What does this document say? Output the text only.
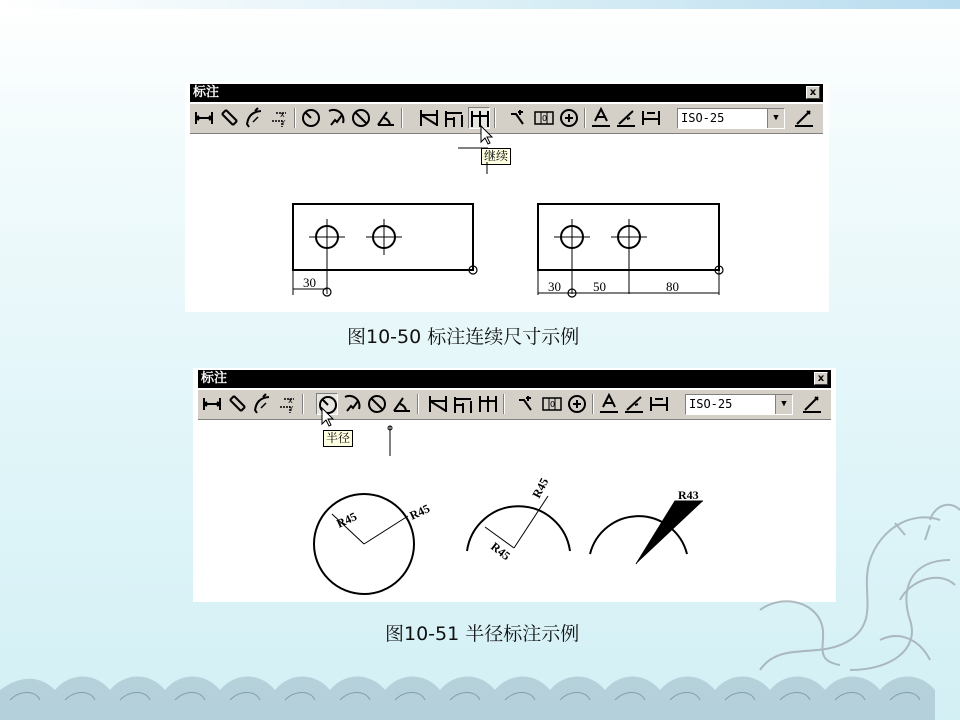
标注	x
x
Y	0	ISO-25	▼
继续
30	30 50	80
图10-50 标注连续尺寸示例
标注	x
x
Y	0	ISO-25	▼
半径
R45	R45
R45
R45	R43
图10-51 半径标注示例
